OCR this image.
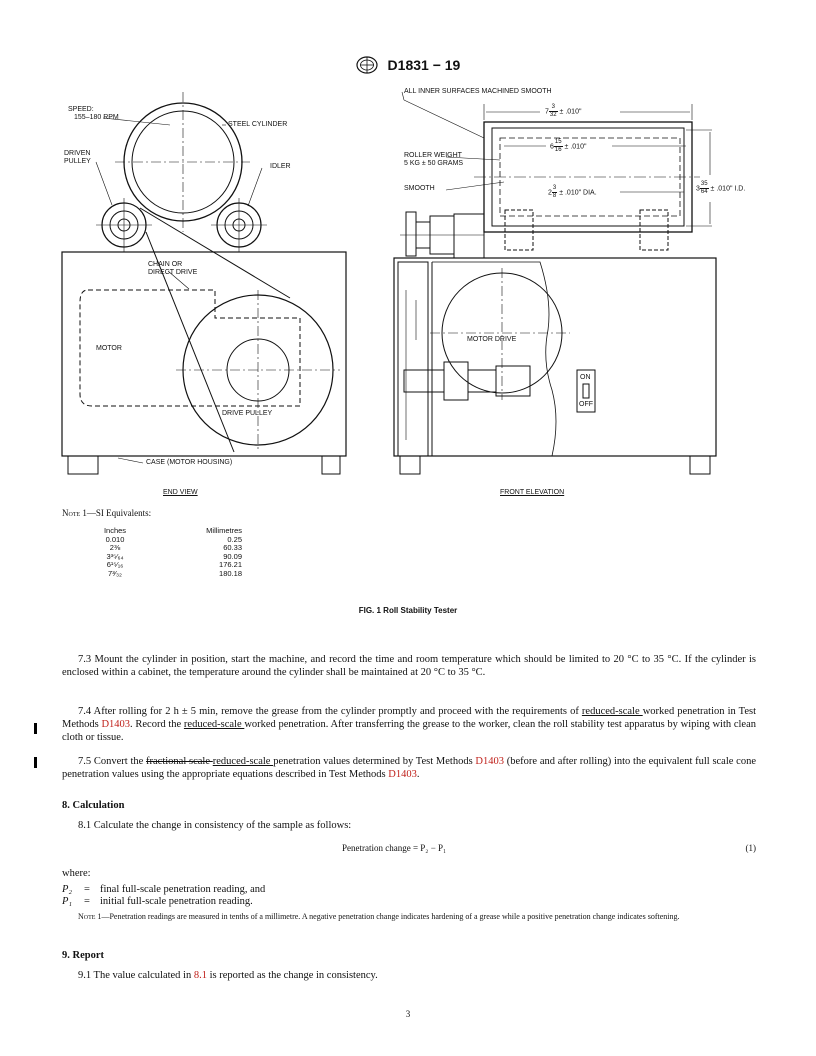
D1831 − 19
SPEED:
155–180 RPM
STEEL CYLINDER
DRIVEN
PULLEY
IDLER
CHAIN OR
DIRECT DRIVE
MOTOR
DRIVE PULLEY
CASE (MOTOR HOUSING)
END VIEW
ALL INNER SURFACES MACHINED SMOOTH
ROLLER WEIGHT
5 KG ± 50 GRAMS
SMOOTH
MOTOR DRIVE
ON
OFF
FRONT ELEVATION
$7 \frac{3}{32} \pm .010$"
$6 \frac{15}{16} \pm .010$"
$2 \frac{3}{8} \pm .010$" DIA.
$3 \frac{35}{64} \pm .010$" I.D.
Note 1—SI Equivalents:
Inches	Millimetres
0.010	0.25
2⅜	60.33
3³⁵⁄₆₄	90.09
6¹⁵⁄₁₆	176.21
7³⁄₃₂	180.18
FIG. 1 Roll Stability Tester

7.3 Mount the cylinder in position, start the machine, and record the time and room temperature which should be limited to 20 °C to 35 °C. If the cylinder is enclosed within a cabinet, the temperature around the cylinder shall be maintained at 20 °C to 35 °C.

7.4 After rolling for 2 h ± 5 min, remove the grease from the cylinder promptly and proceed with the requirements of reduced-scale worked penetration in Test Methods D1403. Record the reduced-scale worked penetration. After transferring the grease to the worker, clean the roll stability test apparatus by wiping with clean cloth or tissue.

7.5 Convert the fractional scale reduced-scale penetration values determined by Test Methods D1403 (before and after rolling) into the equivalent full scale cone penetration values using the appropriate equations described in Test Methods D1403.

8. Calculation

8.1 Calculate the change in consistency of the sample as follows:

Penetration change = P₂ − P₁	(1)
where:
P₂ = final full-scale penetration reading, and
P₁ = initial full-scale penetration reading.
Note 1—Penetration readings are measured in tenths of a millimetre. A negative penetration change indicates hardening of a grease while a positive penetration change indicates softening.
9. Report

9.1 The value calculated in 8.1 is reported as the change in consistency.

3
